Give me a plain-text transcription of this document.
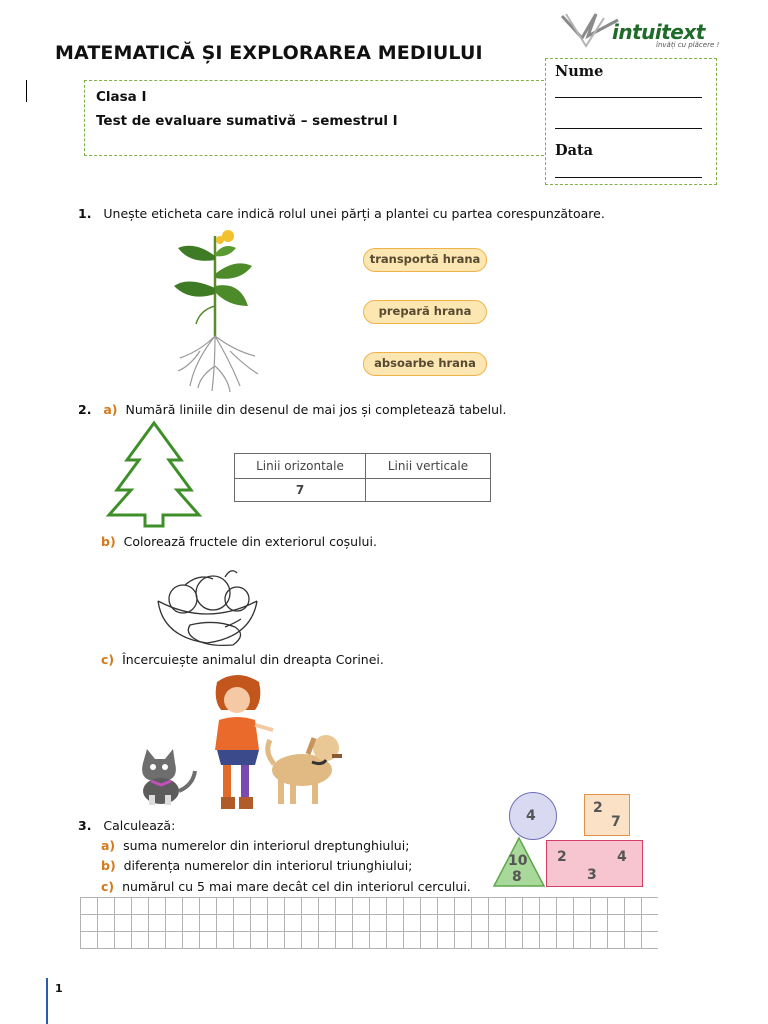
intuitext
învăți cu plăcere !
MATEMATICĂ ȘI EXPLORAREA MEDIULUI
Clasa I
Test de evaluare sumativă – semestrul I
Nume
Data
1. Unește eticheta care indică rolul unei părți a plantei cu partea corespunzătoare.
transportă hrana
prepară hrana
absoarbe hrana
2. a) Numără liniile din desenul de mai jos și completează tabelul.
Linii orizontale	Linii verticale
7	
b) Colorează fructele din exteriorul coșului.
c) Încercuiește animalul din dreapta Corinei.
3. Calculează:
a) suma numerelor din interiorul dreptunghiului;
b) diferența numerelor din interiorul triunghiului;
c) numărul cu 5 mai mare decât cel din interiorul cercului.
4	2
7
10
8
2	4
3
1
